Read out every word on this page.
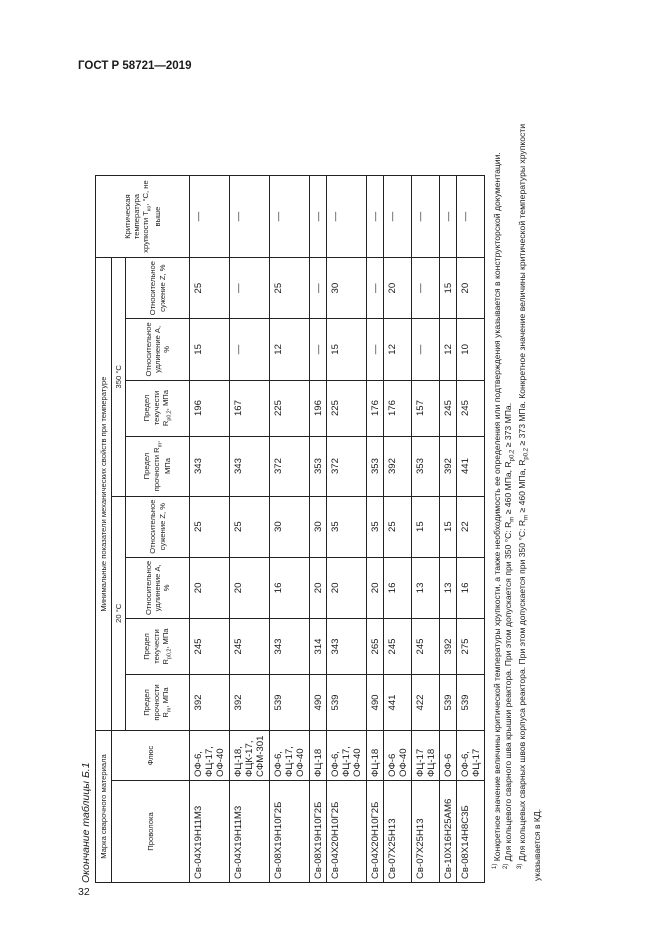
ГОСТ Р 58721—2019
Окончание таблицы Б.1 Марка сварочного материала		Минимальные показатели механических свойств при температуре								Критическая температура хрупкости $T_{ко}$, °С, не выше
Проволока	Флюс	20 °С				350 °С				
		Предел прочности $R_m$, МПа	Предел текучести $R_{p0,2}$, МПа	Относительное удлинение A, %	Относительное сужение Z, %	Предел прочности $R_m$, МПа	Предел текучести $R_{p0,2}$, МПа	Относительное удлинение A, %	Относительное сужение Z, %	
Св-04Х19Н11М3	ОФ-6,
ФЦ-17,
ОФ-40	392	245	20	25	343	196	15	25	—
Св-04Х19Н11М3	ФЦ-18,
ФЦК-17,
СФМ-301	392	245	20	25	343	167	—	—	—
Св-08Х19Н10Г2Б	ОФ-6,
ФЦ-17,
ОФ-40	539	343	16	30	372	225	12	25	—
Св-08Х19Н10Г2Б	ФЦ-18	490	314	20	30	353	196	—	—	—
Св-04Х20Н10Г2Б	ОФ-6,
ФЦ-17,
ОФ-40	539	343	20	35	372	225	15	30	—
Св-04Х20Н10Г2Б	ФЦ-18	490	265	20	35	353	176	—	—	—
Св-07Х25Н13	ОФ-6
ОФ-40	441	245	16	25	392	176	12	20	—
Св-07Х25Н13	ФЦ-17
ФЦ-18	422	245	13	15	353	157	—	—	—
Св-10Х16Н25АМ6	ОФ-6	539	392	13	15	392	245	12	15	—
Св-08Х14Н8С3Б	ОФ-6,
ФЦ-17	539	275	16	22	441	245	10	20	—
$^{1)}$ Конкретное значение величины критической температуры хрупкости, а также необходимость ее определения или подтверждения указывается в конструкторской документации.
$^{2)}$ Для кольцевого сварного шва крышки реактора. При этом допускается при 350 °С: $R_m \ge 460$ МПа, $R_{p0,2} \ge 373$ МПа.
$^{3)}$ Для кольцевых сварных швов корпуса реактора. При этом допускается при 350 °С: $R_m \ge 460$ МПа, $R_{p0,2} \ge 373$ МПа. Конкретное значение величины критической температуры хрупкости указывается в КД.
32
